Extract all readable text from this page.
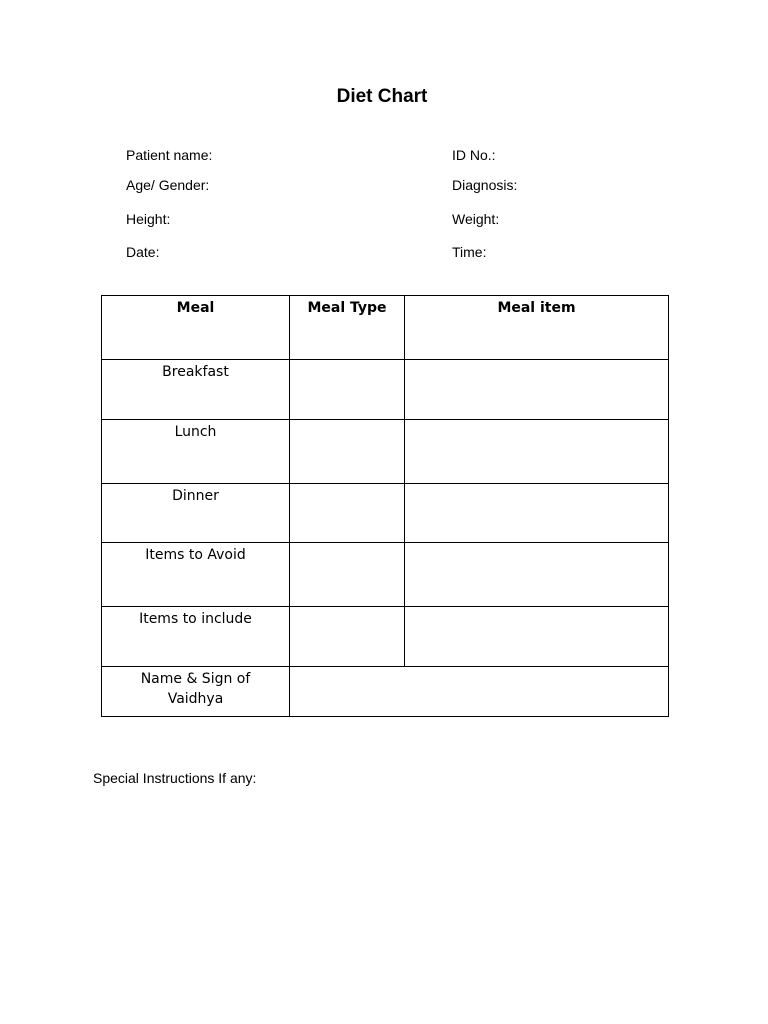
Diet Chart
Patient name:	ID No.:
Age/ Gender:	Diagnosis:
Height:	Weight:
Date:	Time:
Meal	Meal Type	Meal item
Breakfast		
Lunch		
Dinner		
Items to Avoid		
Items to include		

Name & Sign of
Vaidhya		

Special Instructions If any:
